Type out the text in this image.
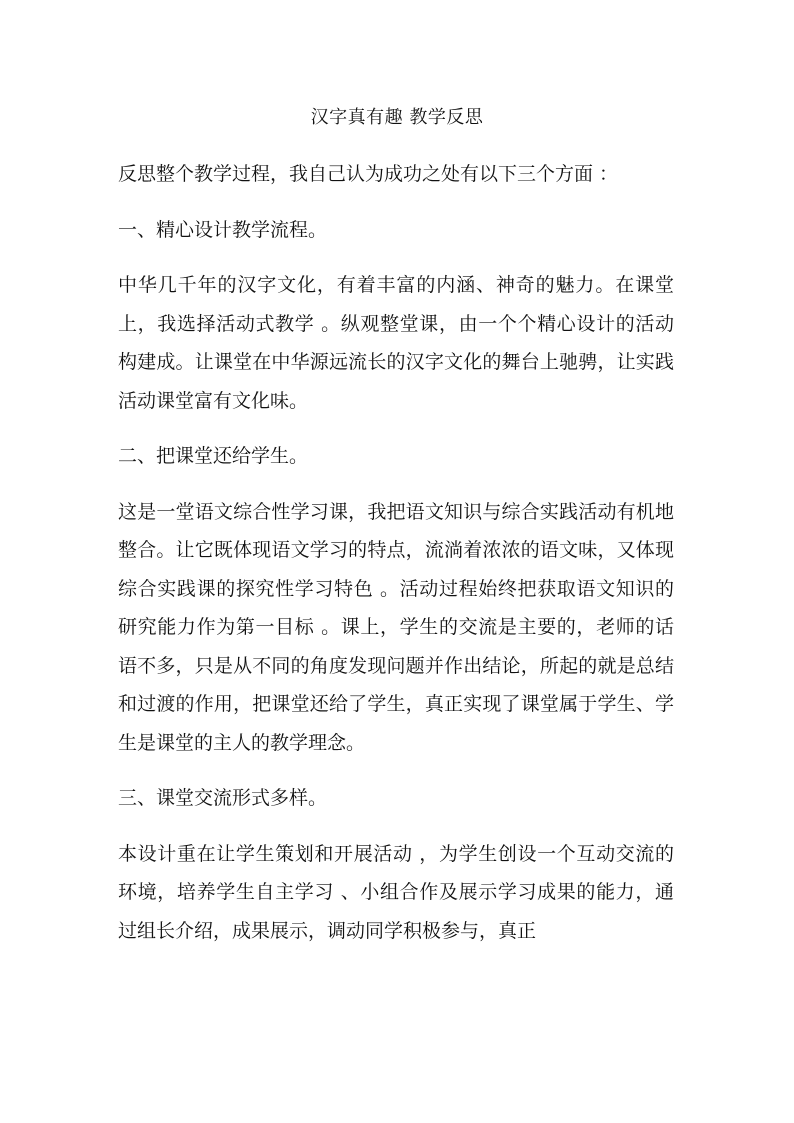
汉字真有趣 教学反思

反思整个教学过程，我自己认为成功之处有以下三个方面 ：

一、精心设计教学流程。

中华几千年的汉字文化，有着丰富的内涵、神奇的魅力。在课堂上，我选择活动式教学 。纵观整堂课，由一个个精心设计的活动构建成。让课堂在中华源远流长的汉字文化的舞台上驰骋，让实践活动课堂富有文化味。

二、把课堂还给学生。

这是一堂语文综合性学习课，我把语文知识与综合实践活动有机地整合。让它既体现语文学习的特点，流淌着浓浓的语文味，又体现综合实践课的探究性学习特色 。活动过程始终把获取语文知识的研究能力作为第一目标 。课上，学生的交流是主要的，老师的话语不多，只是从不同的角度发现问题并作出结论，所起的就是总结和过渡的作用，把课堂还给了学生，真正实现了课堂属于学生、学生是课堂的主人的教学理念。

三、课堂交流形式多样。

本设计重在让学生策划和开展活动 ，为学生创设一个互动交流的环境，培养学生自主学习 、小组合作及展示学习成果的能力，通过组长介绍，成果展示，调动同学积极参与，真正
